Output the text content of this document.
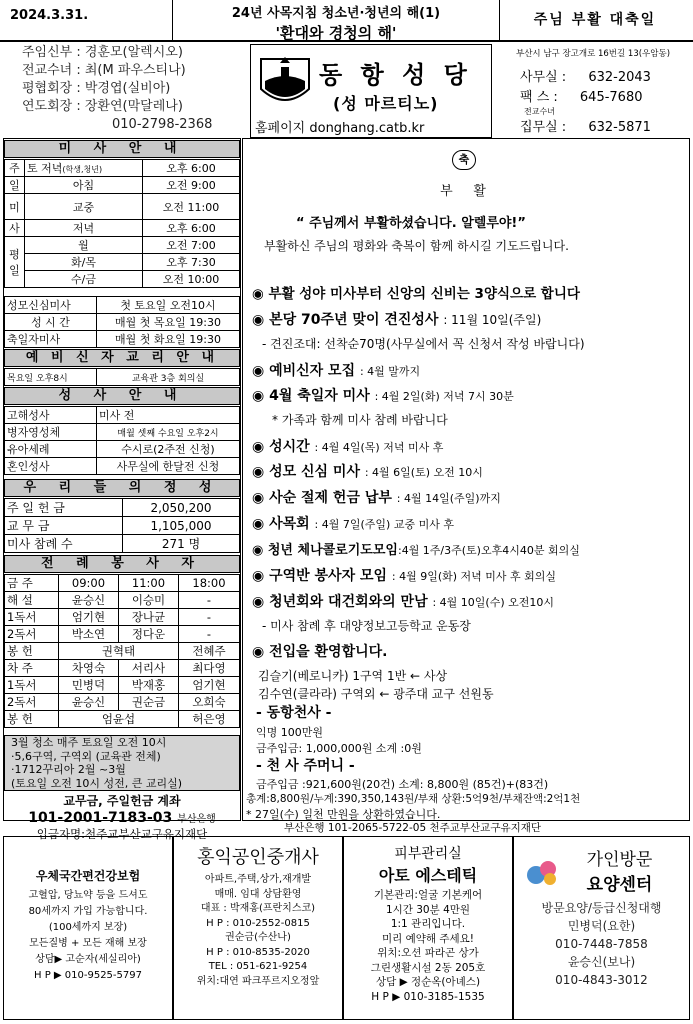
2024.3.31.	24년 사목지침 청소년·청년의 해(1)
'환대와 경청의 해'
주님 부활 대축일
주임신부 : 경훈모(알렉시오)
전교수녀 : 최(M 파우스티나)
평협회장 : 박경엽(실비아)
연도회장 : 장환연(막달레나)
010-2798-2368
동 항 성 당
(성 마르티노)
홈페이지 donghang.catb.kr
부산시 남구 장고개로 16번길 13(우암동)
사무실 : 632-2043
팩 스 : 645-7680
전교수녀
집무실 : 632-5871
미 사 안 내
주	토 저녁(학생,청년)	오후 6:00
일	아침	오전 9:00
미	교중	오전 11:00
사	저녁	오후 6:00
평
일	월	오전 7:00
	화/목	오후 7:30
	수/금	오전 10:00
성모신심미사	첫 토요일 오전10시
성 시 간	매월 첫 목요일 19:30
축일자미사	매월 첫 화요일 19:30
예 비 신 자 교 리 안 내
목요일 오후8시	교육관 3층 회의실
성 사 안 내
고해성사	미사 전
병자영성체	매월 셋째 수요일 오후2시
유아세례	수시로(2주전 신청)
혼인성사	사무실에 한달전 신청
우 리 들 의 정 성
주 일 헌 금	2,050,200
교 무 금	1,105,000
미사 참례 수	271 명
전 례 봉 사 자
금 주	09:00	11:00	18:00
해 설	윤승신	이승미	-
1독서	엄기현	장나균	-
2독서	박소연	정다운	-
봉 헌	권혁태		전혜주
차 주	차영숙	서리사	최다영
1독서	민병덕	박재홍	엄기현
2독서	윤승신	권순금	오희숙
봉 헌	엄윤섭		허은영
3월 청소 매주 토요일 오전 10시
·5,6구역, 구역외 (교육관 전체)
·1712꾸리아 2월 ~3월
(토요일 오전 10시 성전, 큰 교리실)
교무금, 주일헌금 계좌
101-2001-7183-03 부산은행
입금자명:천주교부산교구유지재단
축
부     활
“ 주님께서 부활하셨습니다. 알렐루야!”
부활하신 주님의 평화와 축복이 함께 하시길 기도드립니다.
◉ 부활 성야 미사부터 신앙의 신비는 3양식으로 합니다
◉ 본당 70주년 맞이 견진성사 : 11월 10일(주일)
- 견진조대: 선착순70명(사무실에서 꼭 신청서 작성 바랍니다)
◉ 예비신자 모집 : 4월 말까지
◉ 4월 축일자 미사 : 4월 2일(화) 저녁 7시 30분
* 가족과 함께 미사 참례 바랍니다
◉ 성시간 : 4월 4일(목) 저녁 미사 후
◉ 성모 신심 미사 : 4월 6일(토) 오전 10시
◉ 사순 절제 헌금 납부 : 4월 14일(주일)까지
◉ 사목회 : 4월 7일(주일) 교중 미사 후
◉ 청년 체나콜로기도모임:4월 1주/3주(토)오후4시40분 회의실
◉ 구역반 봉사자 모임 : 4월 9일(화) 저녁 미사 후 회의실
◉ 청년회와 대건회와의 만남 : 4월 10일(수) 오전10시
- 미사 참례 후 대양정보고등학교 운동장
◉ 전입을 환영합니다.
김슬기(베로니카) 1구역 1반 ← 사상
김수연(클라라) 구역외 ← 광주대 교구 선원동
- 동항천사 -
익명 100만원
금주입금: 1,000,000원 소계 :0원
- 천 사 주머니 -
금주입금 :921,600원(20건) 소계: 8,800원 (85건)+(83건)
총계:8,800원/누계:390,350,143원/부채 상환:5억9천/부채잔액:2억1천
* 27일(수) 일천 만원을 상환하였습니다.
부산은행 101-2065-5722-05 천주교부산교구유지재단
우체국간편건강보험
고혈압, 당뇨약 등을 드셔도
80세까지 가입 가능합니다.
(100세까지 보장)
모든질병 + 모든 재해 보장
상담▶ 고순자(세실리아)
H P ▶ 010-9525-5797
홍익공인중개사
아파트,주택,상가,재개발
매매. 임대 상담환영
대표 : 박재홍(프란치스코)
H P : 010-2552-0815
권순금(수산나)
H P : 010-8535-2020
TEL : 051-621-9254
위치:대연 파크푸르지오정앞
피부관리실
아토 에스테틱
기본관리:얼굴 기본케어
1시간 30분 4만원
1:1 관리입니다.
미리 예약해 주세요!
위치:오션 파라곤 상가
그린생활시설 2동 205호
상담 ▶ 정순옥(아녜스)
H P ▶ 010-3185-1535
가인방문
요양센터
방문요양/등급신청대행
민병덕(요한)
010-7448-7858
윤승신(보나)
010-4843-3012
